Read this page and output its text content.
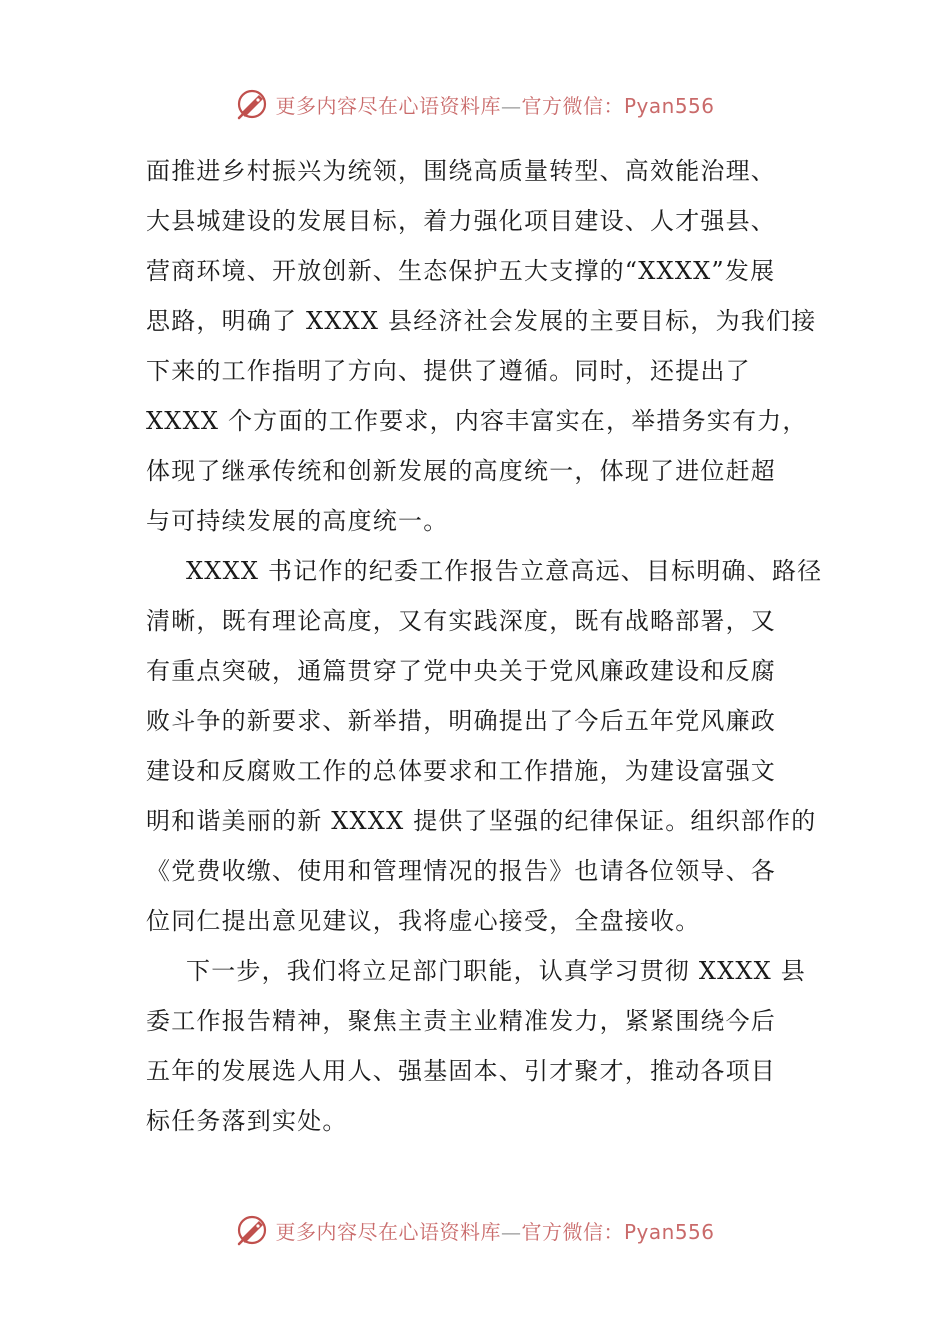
更多内容尽在心语资料库—官方微信：Pyan556
面推进乡村振兴为统领，围绕高质量转型、高效能治理、
大县城建设的发展目标，着力强化项目建设、人才强县、
营商环境、开放创新、生态保护五大支撑的“XXXX”发展
思路，明确了 XXXX 县经济社会发展的主要目标，为我们接
下来的工作指明了方向、提供了遵循。同时，还提出了
XXXX 个方面的工作要求，内容丰富实在，举措务实有力，
体现了继承传统和创新发展的高度统一，体现了进位赶超
与可持续发展的高度统一。
XXXX 书记作的纪委工作报告立意高远、目标明确、路径
清晰，既有理论高度，又有实践深度，既有战略部署，又
有重点突破，通篇贯穿了党中央关于党风廉政建设和反腐
败斗争的新要求、新举措，明确提出了今后五年党风廉政
建设和反腐败工作的总体要求和工作措施，为建设富强文
明和谐美丽的新 XXXX 提供了坚强的纪律保证。组织部作的
《党费收缴、使用和管理情况的报告》也请各位领导、各
位同仁提出意见建议，我将虚心接受，全盘接收。
下一步，我们将立足部门职能，认真学习贯彻 XXXX 县
委工作报告精神，聚焦主责主业精准发力，紧紧围绕今后
五年的发展选人用人、强基固本、引才聚才，推动各项目
标任务落到实处。
更多内容尽在心语资料库—官方微信：Pyan556
